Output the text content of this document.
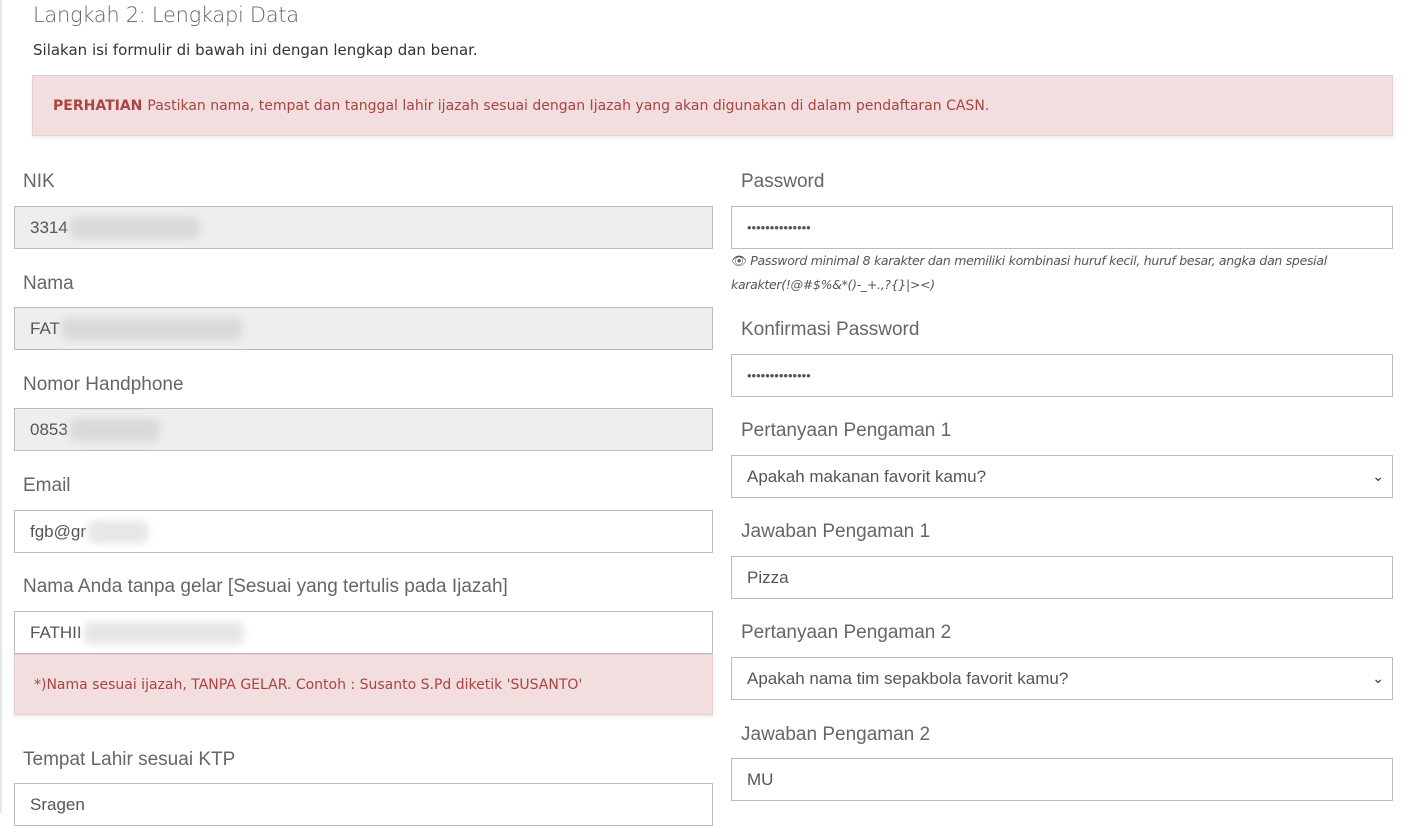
Langkah 2: Lengkapi Data
Silakan isi formulir di bawah ini dengan lengkap dan benar.
PERHATIAN Pastikan nama, tempat dan tanggal lahir ijazah sesuai dengan Ijazah yang akan digunakan di dalam pendaftaran CASN.
NIK
3314
Nama
FAT
Nomor Handphone
0853
Email
fgb@gr
Nama Anda tanpa gelar [Sesuai yang tertulis pada Ijazah]
FATHII
*)Nama sesuai ijazah, TANPA GELAR. Contoh : Susanto S.Pd diketik 'SUSANTO'
Tempat Lahir sesuai KTP
Sragen
Password
••••••••••••••
👁 Password minimal 8 karakter dan memiliki kombinasi huruf kecil, huruf besar, angka dan spesial karakter(!@#$%&*()-_+.,?{}|><)
Konfirmasi Password
••••••••••••••
Pertanyaan Pengaman 1
Apakah makanan favorit kamu?	⌄
Jawaban Pengaman 1
Pizza
Pertanyaan Pengaman 2
Apakah nama tim sepakbola favorit kamu?	⌄
Jawaban Pengaman 2
MU
